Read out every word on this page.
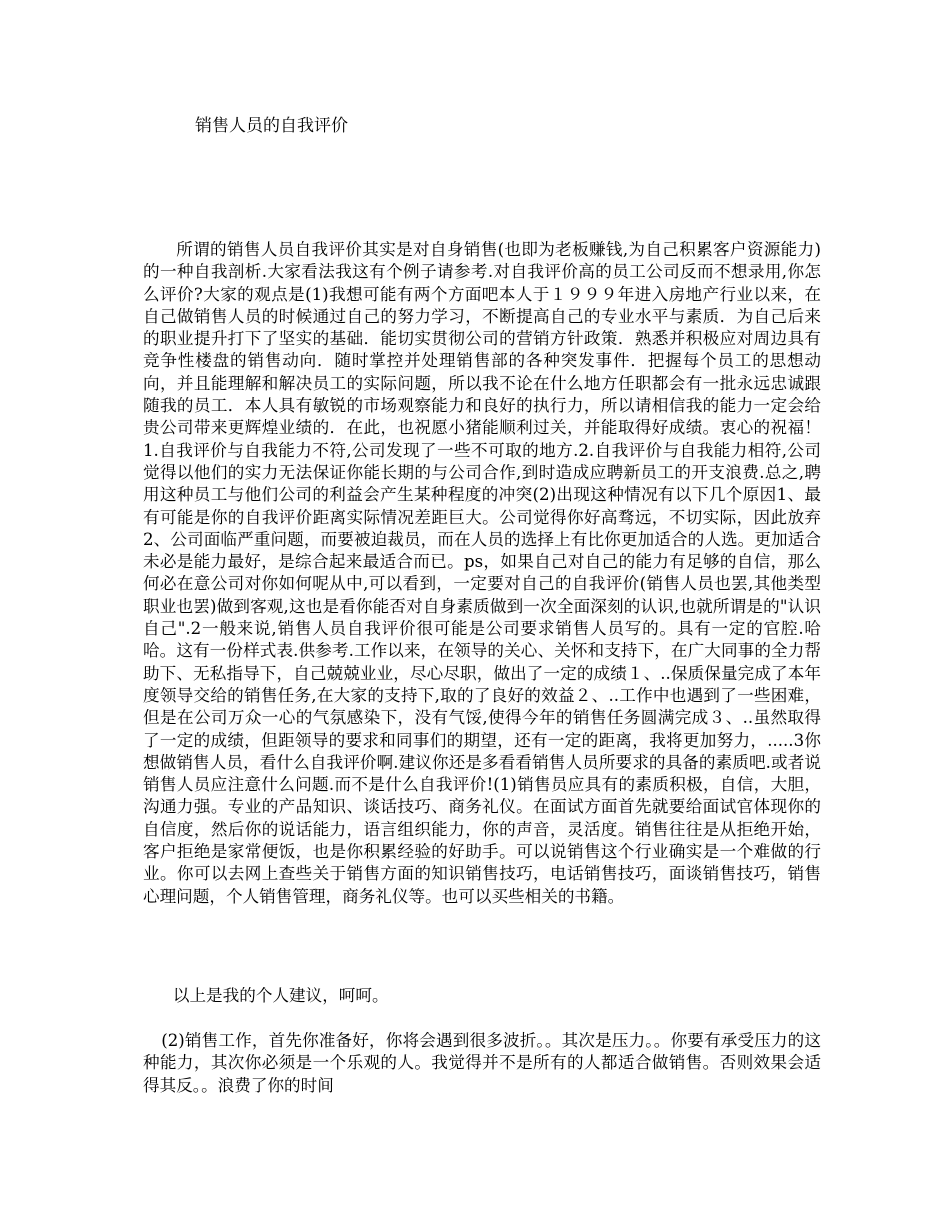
销售人员的自我评价

所谓的销售人员自我评价其实是对自身销售(也即为老板赚钱,为自己积累客户资源能力)的一种自我剖析.大家看法我这有个例子请参考.对自我评价高的员工公司反而不想录用,你怎么评价?大家的观点是(1)我想可能有两个方面吧本人于１９９９年进入房地产行业以来，在自己做销售人员的时候通过自己的努力学习，不断提高自己的专业水平与素质．为自己后来的职业提升打下了坚实的基础．能切实贯彻公司的营销方针政策．熟悉并积极应对周边具有竞争性楼盘的销售动向．随时掌控并处理销售部的各种突发事件．把握每个员工的思想动向，并且能理解和解决员工的实际问题，所以我不论在什么地方任职都会有一批永远忠诚跟随我的员工．本人具有敏锐的市场观察能力和良好的执行力，所以请相信我的能力一定会给贵公司带来更辉煌业绩的．在此，也祝愿小猪能顺利过关，并能取得好成绩。衷心的祝福！1.自我评价与自我能力不符,公司发现了一些不可取的地方.2.自我评价与自我能力相符,公司觉得以他们的实力无法保证你能长期的与公司合作,到时造成应聘新员工的开支浪费.总之,聘用这种员工与他们公司的利益会产生某种程度的冲突(2)出现这种情况有以下几个原因1、最有可能是你的自我评价距离实际情况差距巨大。公司觉得你好高骛远，不切实际，因此放弃2、公司面临严重问题，而要被迫裁员，而在人员的选择上有比你更加适合的人选。更加适合未必是能力最好，是综合起来最适合而已。ps，如果自己对自己的能力有足够的自信，那么何必在意公司对你如何呢从中,可以看到，一定要对自己的自我评价(销售人员也罢,其他类型职业也罢)做到客观,这也是看你能否对自身素质做到一次全面深刻的认识,也就所谓是的"认识自己".2一般来说,销售人员自我评价很可能是公司要求销售人员写的。具有一定的官腔.哈哈。这有一份样式表.供参考.工作以来，在领导的关心、关怀和支持下，在广大同事的全力帮助下、无私指导下，自己兢兢业业，尽心尽职，做出了一定的成绩１、..保质保量完成了本年度领导交给的销售任务,在大家的支持下,取的了良好的效益２、..工作中也遇到了一些困难，但是在公司万众一心的气氛感染下，没有气馁,使得今年的销售任务圆满完成３、..虽然取得了一定的成绩，但距领导的要求和同事们的期望，还有一定的距离，我将更加努力，.....3你想做销售人员，看什么自我评价啊.建议你还是多看看销售人员所要求的具备的素质吧.或者说销售人员应注意什么问题.而不是什么自我评价!(1)销售员应具有的素质积极，自信，大胆，沟通力强。专业的产品知识、谈话技巧、商务礼仪。在面试方面首先就要给面试官体现你的自信度，然后你的说话能力，语言组织能力，你的声音，灵活度。销售往往是从拒绝开始，客户拒绝是家常便饭，也是你积累经验的好助手。可以说销售这个行业确实是一个难做的行业。你可以去网上查些关于销售方面的知识销售技巧，电话销售技巧，面谈销售技巧，销售心理问题，个人销售管理，商务礼仪等。也可以买些相关的书籍。

以上是我的个人建议，呵呵。

(2)销售工作，首先你准备好，你将会遇到很多波折。。其次是压力。。你要有承受压力的这种能力，其次你必须是一个乐观的人。我觉得并不是所有的人都适合做销售。否则效果会适得其反。。浪费了你的时间
